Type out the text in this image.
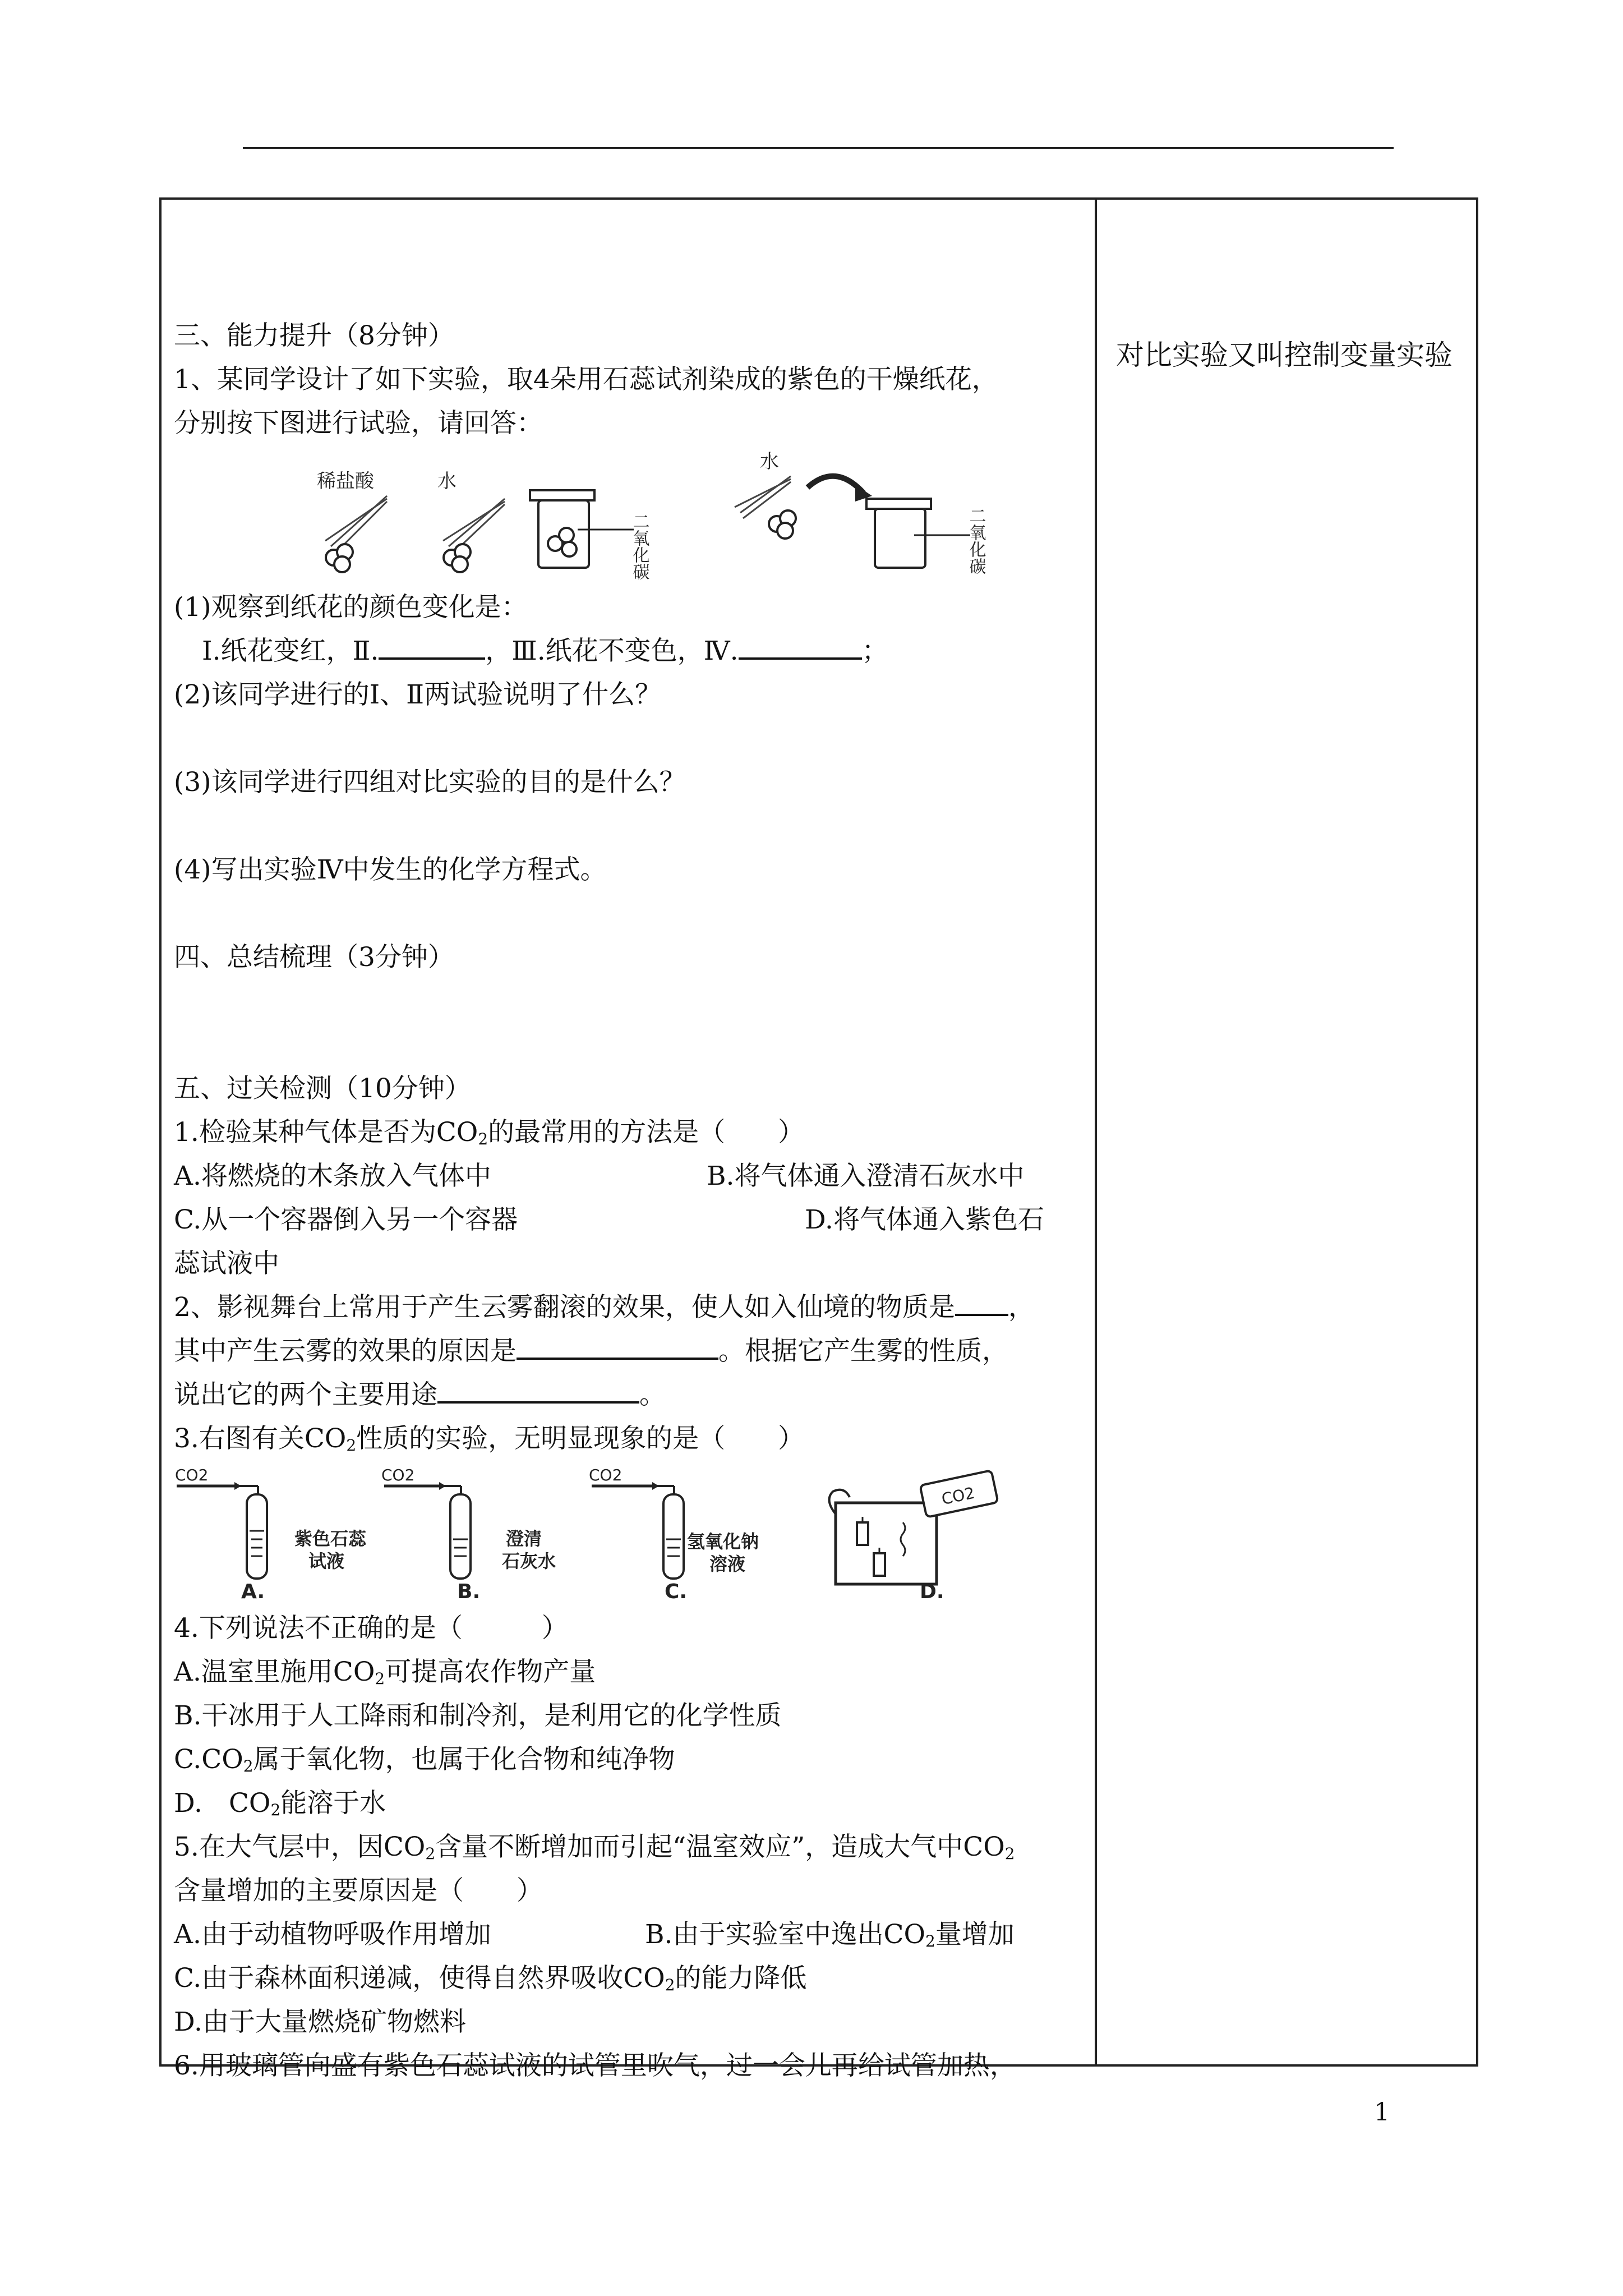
对比实验又叫控制变量实验
三、能力提升（8分钟）
1、某同学设计了如下实验，取4朵用石蕊试剂染成的紫色的干燥纸花，
分别按下图进行试验，请回答：
稀盐酸	水
二氧化碳
水
二氧化碳
(1)观察到纸花的颜色变化是：
Ⅰ.纸花变红，Ⅱ.	，Ⅲ.纸花不变色，Ⅳ.	；
(2)该同学进行的Ⅰ、Ⅱ两试验说明了什么？
(3)该同学进行四组对比实验的目的是什么？
(4)写出实验Ⅳ中发生的化学方程式。
四、总结梳理（3分钟）
五、过关检测（10分钟）
1.检验某种气体是否为$CO_2$的最常用的方法是（　　）
A.将燃烧的木条放入气体中	B.将气体通入澄清石灰水中
C.从一个容器倒入另一个容器	D.将气体通入紫色石
蕊试液中
2、影视舞台上常用于产生云雾翻滚的效果，使人如入仙境的物质是 ，
其中产生云雾的效果的原因是	。根据它产生雾的性质，
说出它的两个主要用途	。
3.右图有关$CO_2$性质的实验，无明显现象的是（　　）
CO2
紫色石蕊
试液
A.
CO2
澄清
石灰水
B.
CO2
氢氧化钠
溶液
C.
CO2
D.
4.下列说法不正确的是（　　　）
A.温室里施用$CO_2$可提高农作物产量
B.干冰用于人工降雨和制冷剂，是利用它的化学性质
$C.CO_2$属于氧化物，也属于化合物和纯净物
D.　$CO_2$能溶于水
5.在大气层中，因$CO_2$含量不断增加而引起“温室效应”，造成大气中$CO_2$
含量增加的主要原因是（　　）
A.由于动植物呼吸作用增加	B.由于实验室中逸出$CO_2$量增加
C.由于森林面积递减，使得自然界吸收$CO_2$的能力降低
D.由于大量燃烧矿物燃料
6.用玻璃管向盛有紫色石蕊试液的试管里吹气，过一会儿再给试管加热，
1
